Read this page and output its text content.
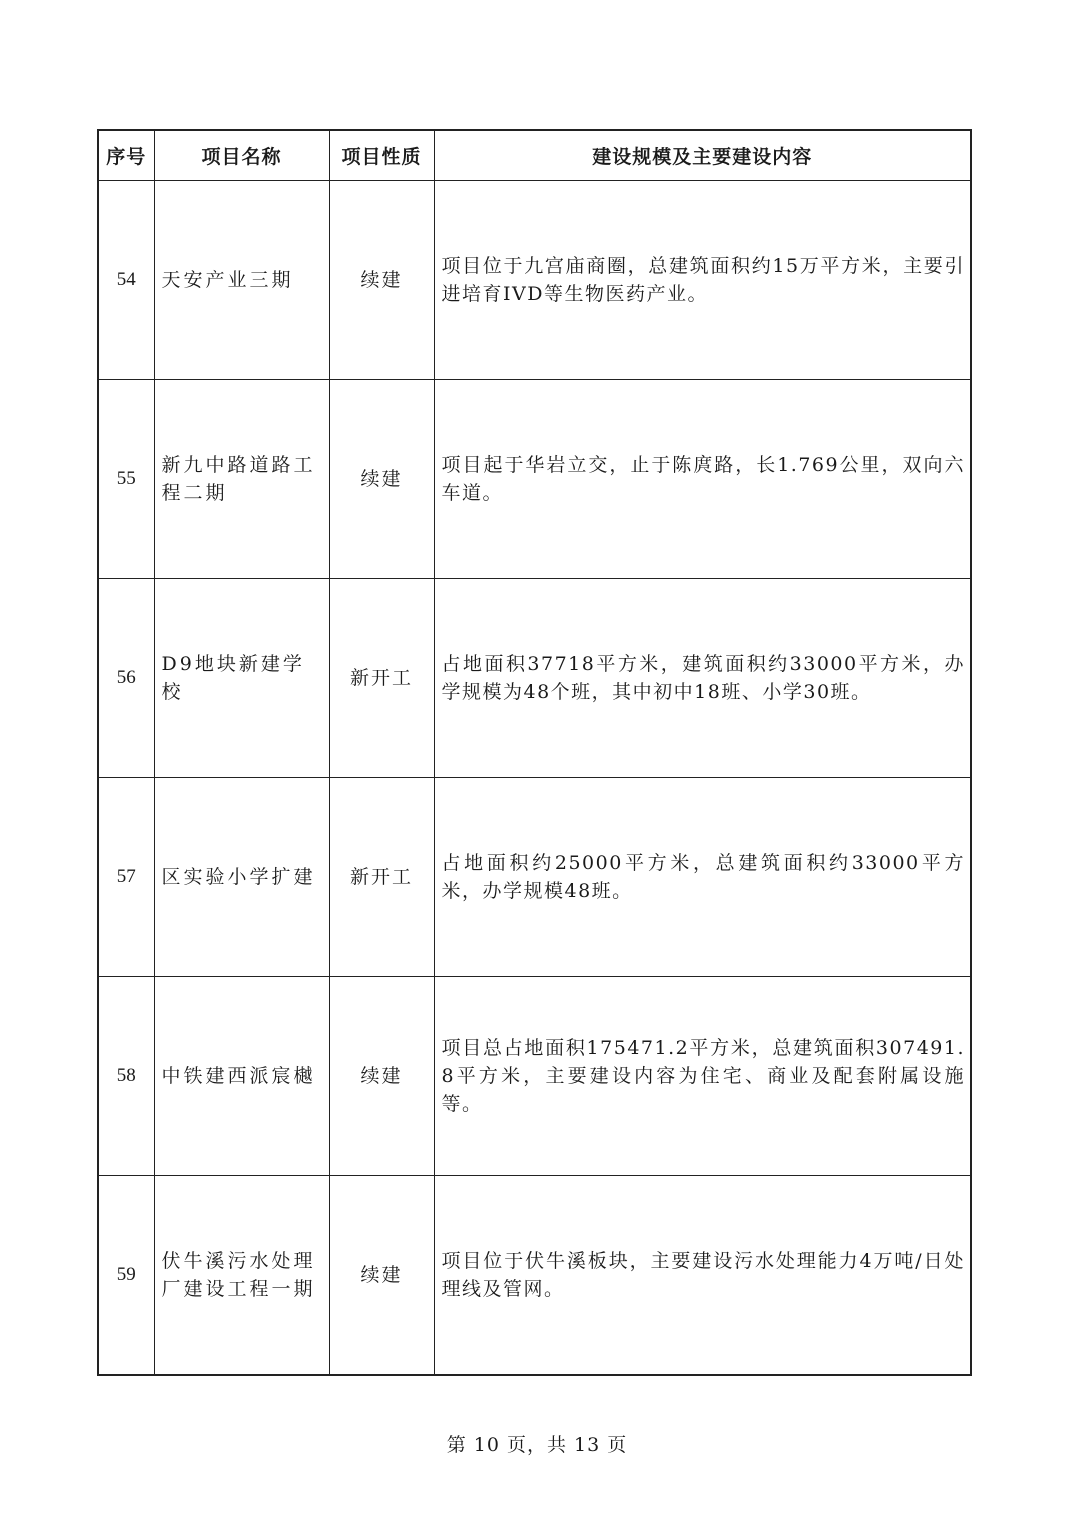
序号	项目名称	项目性质	建设规模及主要建设内容
54	天安产业三期	续建	项目位于九宫庙商圈，总建筑面积约15万平方米，主要引进培育IVD等生物医药产业。
55	新九中路道路工程二期	续建	项目起于华岩立交，止于陈庹路，长1.769公里，双向六车道。
56	D9地块新建学校	新开工	占地面积37718平方米，建筑面积约33000平方米，办学规模为48个班，其中初中18班、小学30班。
57	区实验小学扩建	新开工	占地面积约25000平方米，总建筑面积约33000平方米，办学规模48班。
58	中铁建西派宸樾	续建	项目总占地面积175471.2平方米，总建筑面积307491.8平方米，主要建设内容为住宅、商业及配套附属设施等。
59	伏牛溪污水处理厂建设工程一期	续建	项目位于伏牛溪板块，主要建设污水处理能力4万吨/日处理线及管网。
第 10 页，共 13 页
